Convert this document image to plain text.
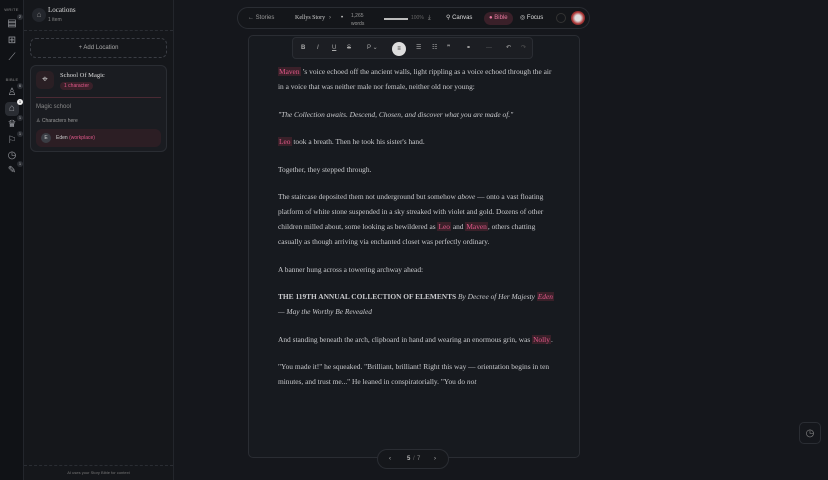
WRITE
▤
2
⊞
⟋
BIBLE
♙
6
⌂
1
♛
1
⚐
1
◷
✎
1
⌂ Locations
1 item
+ Add Location
⌖	School Of Magic
1 character
Magic school
♙ Characters here
E	Eden (workplace)
AI uses your Story Bible for context
← Stories	Kellys Story › • 1,265
words
100% ⤓	⚲ Canvas	● Bible	◎ Focus

Maven ’s voice echoed off the ancient walls, light rippling as a voice echoed through the air in a voice that was neither male nor female, neither old nor young:

"The Collection awaits. Descend, Chosen, and discover what you are made of."

Leo took a breath. Then he took his sister's hand.

Together, they stepped through.

The staircase deposited them not underground but somehow above — onto a vast floating platform of white stone suspended in a sky streaked with violet and gold. Dozens of other children milled about, some looking as bewildered as Leo and Maven, others chatting casually as though arriving via enchanted closet was perfectly ordinary.

A banner hung across a towering archway ahead:

THE 119TH ANNUAL COLLECTION OF ELEMENTS By Decree of Her Majesty Eden — May the Worthy Be Revealed

And standing beneath the arch, clipboard in hand and wearing an enormous grin, was Nolly.

"You made it!" he squeaked. "Brilliant, brilliant! Right this way — orientation begins in ten minutes, and trust me..." He leaned in conspiratorially. "You do not

B I U S	P ⌄	≡	☰ ☷ ❞	⚭ ··· ↶ ↷
‹	5 / 7 ›
◷
